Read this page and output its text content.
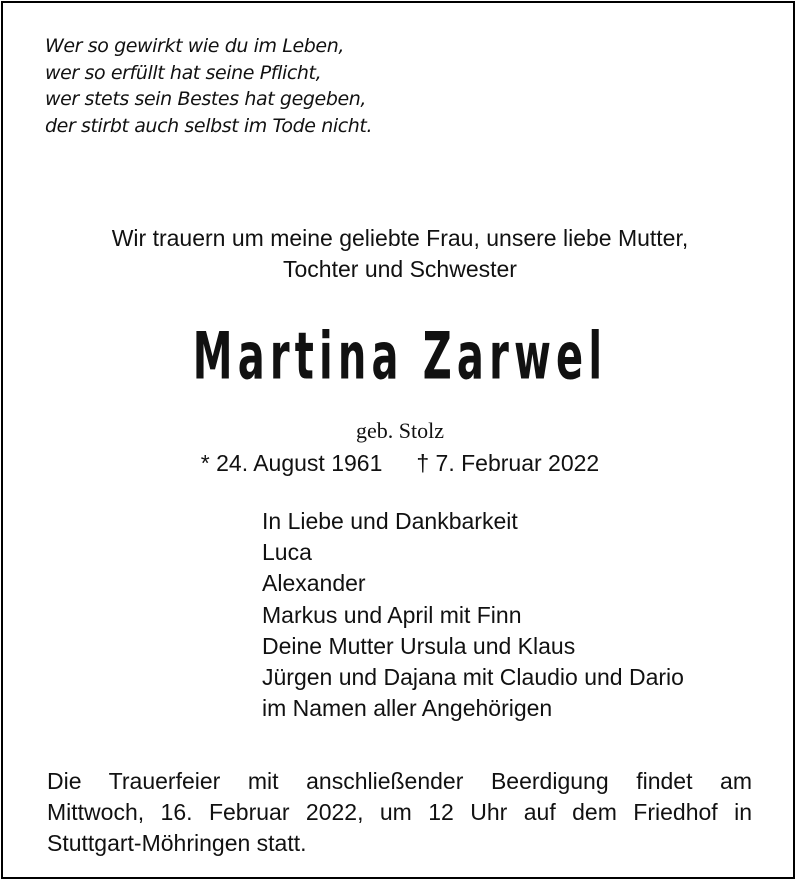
Wer so gewirkt wie du im Leben,
wer so erfüllt hat seine Pflicht,
wer stets sein Bestes hat gegeben,
der stirbt auch selbst im Tode nicht.
Wir trauern um meine geliebte Frau, unsere liebe Mutter,
Tochter und Schwester
Martina Zarwel
geb. Stolz
* 24. August 1961 † 7. Februar 2022
In Liebe und Dankbarkeit
Luca
Alexander
Markus und April mit Finn
Deine Mutter Ursula und Klaus
Jürgen und Dajana mit Claudio und Dario
im Namen aller Angehörigen
Die Trauerfeier mit anschließender Beerdigung findet am
Mittwoch, 16. Februar 2022, um 12 Uhr auf dem Friedhof in
Stuttgart-Möhringen statt.
